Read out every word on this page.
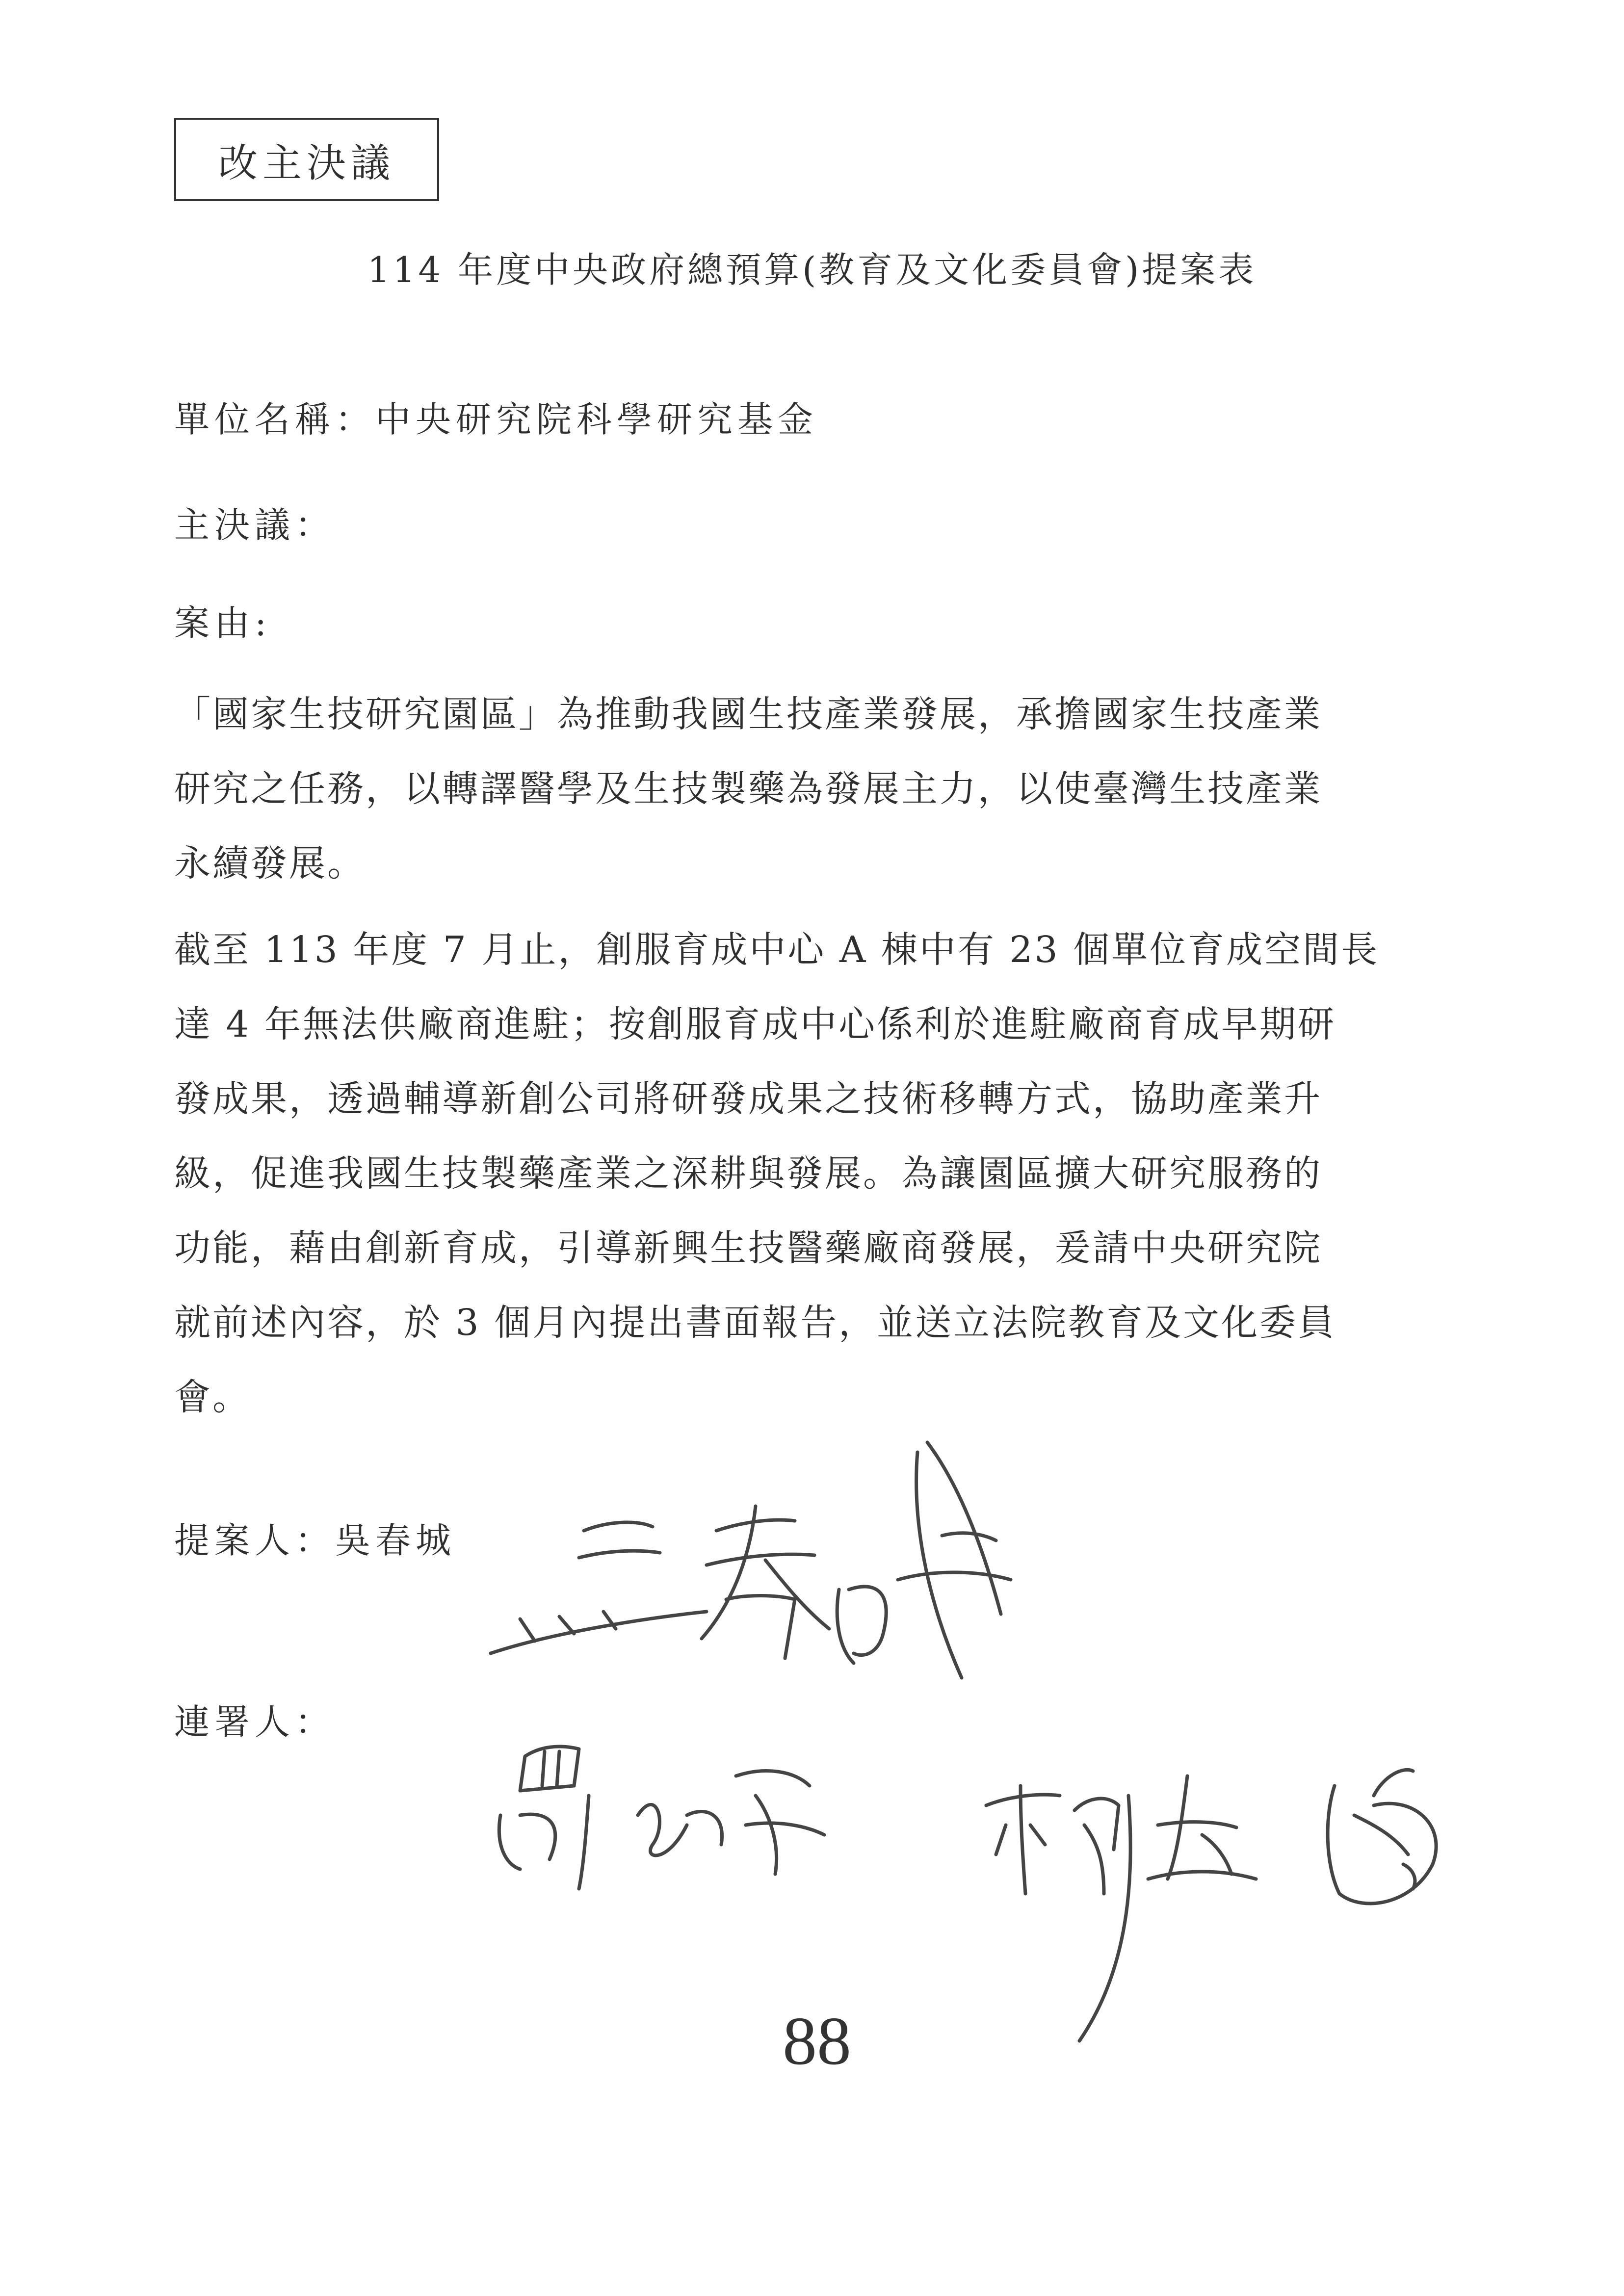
改主決議
114 年度中央政府總預算(教育及文化委員會)提案表
單位名稱：中央研究院科學研究基金
主決議：
案由:
「國家生技研究園區」為推動我國生技產業發展，承擔國家生技產業
研究之任務，以轉譯醫學及生技製藥為發展主力，以使臺灣生技產業
永續發展。
截至 113 年度 7 月止，創服育成中心 A 棟中有 23 個單位育成空間長
達 4 年無法供廠商進駐；按創服育成中心係利於進駐廠商育成早期研
發成果，透過輔導新創公司將研發成果之技術移轉方式，協助產業升
級，促進我國生技製藥產業之深耕與發展。為讓園區擴大研究服務的
功能，藉由創新育成，引導新興生技醫藥廠商發展，爰請中央研究院
就前述內容，於 3 個月內提出書面報告，並送立法院教育及文化委員
會。
提案人：吳春城
連署人：
88
